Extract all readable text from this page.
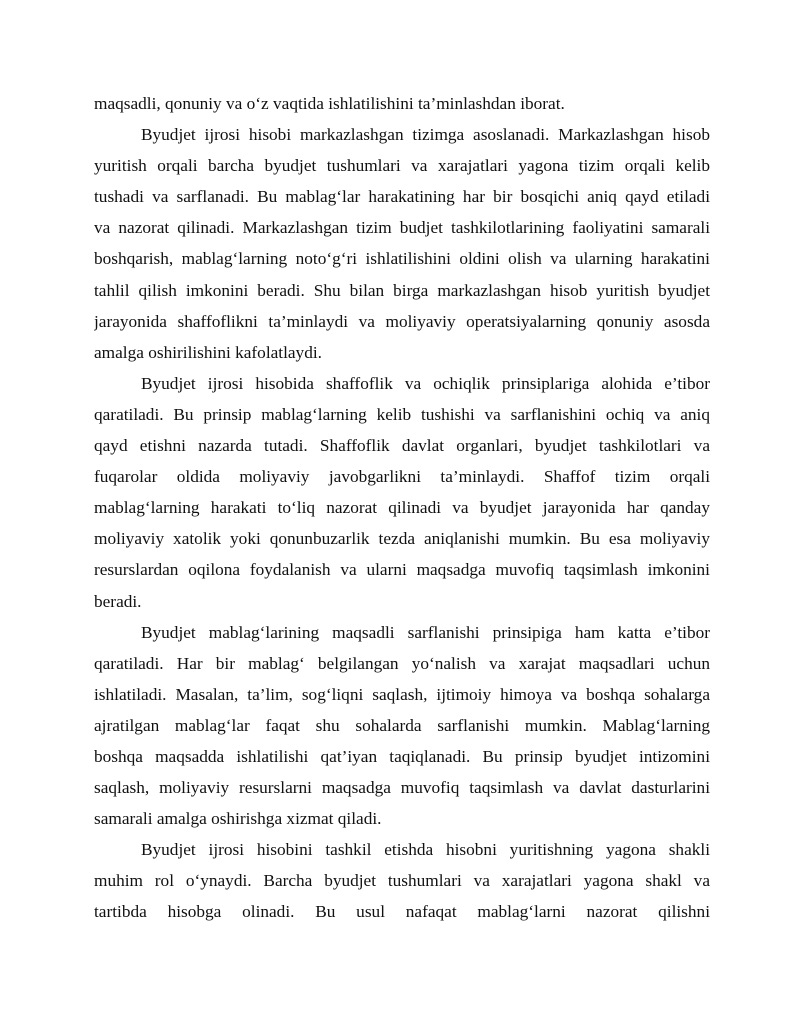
maqsadli, qonuniy va o‘z vaqtida ishlatilishini ta’minlashdan iborat.
Byudjet ijrosi hisobi markazlashgan tizimga asoslanadi. Markazlashgan hisob
yuritish orqali barcha byudjet tushumlari va xarajatlari yagona tizim orqali kelib
tushadi va sarflanadi. Bu mablag‘lar harakatining har bir bosqichi aniq qayd etiladi
va nazorat qilinadi. Markazlashgan tizim budjet tashkilotlarining faoliyatini samarali
boshqarish, mablag‘larning noto‘g‘ri ishlatilishini oldini olish va ularning harakatini
tahlil qilish imkonini beradi. Shu bilan birga markazlashgan hisob yuritish byudjet
jarayonida shaffoflikni ta’minlaydi va moliyaviy operatsiyalarning qonuniy asosda
amalga oshirilishini kafolatlaydi.
Byudjet ijrosi hisobida shaffoflik va ochiqlik prinsiplariga alohida e’tibor
qaratiladi. Bu prinsip mablag‘larning kelib tushishi va sarflanishini ochiq va aniq
qayd etishni nazarda tutadi. Shaffoflik davlat organlari, byudjet tashkilotlari va
fuqarolar oldida moliyaviy javobgarlikni ta’minlaydi. Shaffof tizim orqali
mablag‘larning harakati to‘liq nazorat qilinadi va byudjet jarayonida har qanday
moliyaviy xatolik yoki qonunbuzarlik tezda aniqlanishi mumkin. Bu esa moliyaviy
resurslardan oqilona foydalanish va ularni maqsadga muvofiq taqsimlash imkonini
beradi.
Byudjet mablag‘larining maqsadli sarflanishi prinsipiga ham katta e’tibor
qaratiladi. Har bir mablag‘ belgilangan yo‘nalish va xarajat maqsadlari uchun
ishlatiladi. Masalan, ta’lim, sog‘liqni saqlash, ijtimoiy himoya va boshqa sohalarga
ajratilgan mablag‘lar faqat shu sohalarda sarflanishi mumkin. Mablag‘larning
boshqa maqsadda ishlatilishi qat’iyan taqiqlanadi. Bu prinsip byudjet intizomini
saqlash, moliyaviy resurslarni maqsadga muvofiq taqsimlash va davlat dasturlarini
samarali amalga oshirishga xizmat qiladi.
Byudjet ijrosi hisobini tashkil etishda hisobni yuritishning yagona shakli
muhim rol o‘ynaydi. Barcha byudjet tushumlari va xarajatlari yagona shakl va
tartibda hisobga olinadi. Bu usul nafaqat mablag‘larni nazorat qilishni
